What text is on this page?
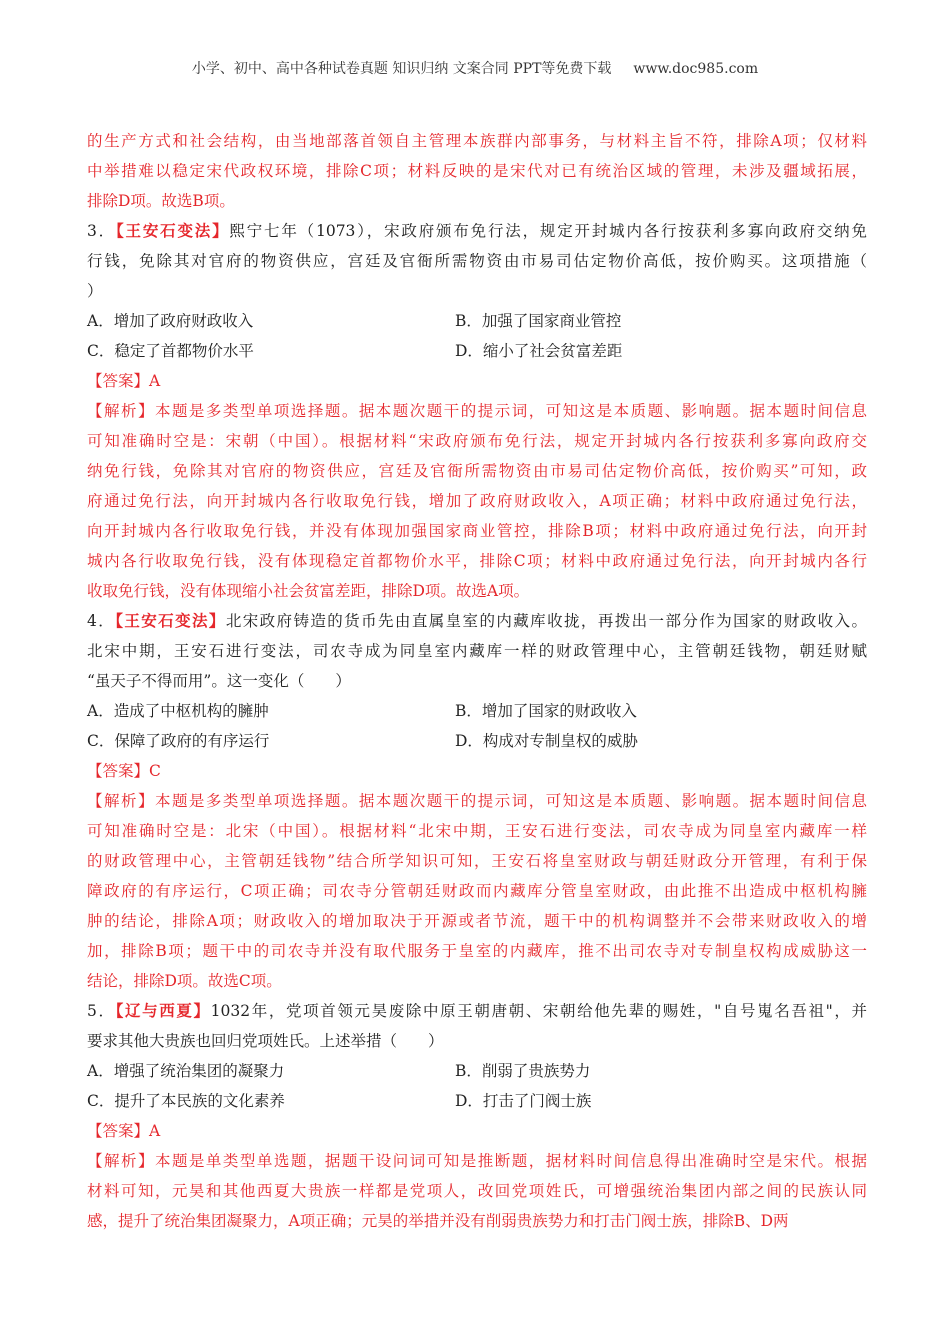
小学、初中、高中各种试卷真题 知识归纳 文案合同 PPT等免费下载 www.doc985.com
的生产方式和社会结构，由当地部落首领自主管理本族群内部事务，与材料主旨不符，排除A项；仅材料
中举措难以稳定宋代政权环境，排除C项；材料反映的是宋代对已有统治区域的管理，未涉及疆域拓展，
排除D项。故选B项。
3．【王安石变法】熙宁七年（1073），宋政府颁布免行法，规定开封城内各行按获利多寡向政府交纳免
行钱，免除其对官府的物资供应，宫廷及官衙所需物资由市易司估定物价高低，按价购买。这项措施（
）
A．增加了政府财政收入	B．加强了国家商业管控
C．稳定了首都物价水平	D．缩小了社会贫富差距
【答案】A
【解析】本题是多类型单项选择题。据本题次题干的提示词，可知这是本质题、影响题。据本题时间信息
可知准确时空是：宋朝（中国）。根据材料“宋政府颁布免行法，规定开封城内各行按获利多寡向政府交
纳免行钱，免除其对官府的物资供应，宫廷及官衙所需物资由市易司估定物价高低，按价购买”可知，政
府通过免行法，向开封城内各行收取免行钱，增加了政府财政收入，A项正确；材料中政府通过免行法，
向开封城内各行收取免行钱，并没有体现加强国家商业管控，排除B项；材料中政府通过免行法，向开封
城内各行收取免行钱，没有体现稳定首都物价水平，排除C项；材料中政府通过免行法，向开封城内各行
收取免行钱，没有体现缩小社会贫富差距，排除D项。故选A项。
4．【王安石变法】北宋政府铸造的货币先由直属皇室的内藏库收拢，再拨出一部分作为国家的财政收入。
北宋中期，王安石进行变法，司农寺成为同皇室内藏库一样的财政管理中心，主管朝廷钱物，朝廷财赋
“虽天子不得而用”。这一变化（　　）
A．造成了中枢机构的臃肿	B．增加了国家的财政收入
C．保障了政府的有序运行	D．构成对专制皇权的威胁
【答案】C
【解析】本题是多类型单项选择题。据本题次题干的提示词，可知这是本质题、影响题。据本题时间信息
可知准确时空是：北宋（中国）。根据材料“北宋中期，王安石进行变法，司农寺成为同皇室内藏库一样
的财政管理中心，主管朝廷钱物”结合所学知识可知，王安石将皇室财政与朝廷财政分开管理，有利于保
障政府的有序运行，C项正确；司农寺分管朝廷财政而内藏库分管皇室财政，由此推不出造成中枢机构臃
肿的结论，排除A项；财政收入的增加取决于开源或者节流，题干中的机构调整并不会带来财政收入的增
加，排除B项；题干中的司农寺并没有取代服务于皇室的内藏库，推不出司农寺对专制皇权构成威胁这一
结论，排除D项。故选C项。
5．【辽与西夏】1032年，党项首领元昊废除中原王朝唐朝、宋朝给他先辈的赐姓，"自号嵬名吾祖"，并
要求其他大贵族也回归党项姓氏。上述举措（　　）
A．增强了统治集团的凝聚力	B．削弱了贵族势力
C．提升了本民族的文化素养	D．打击了门阀士族
【答案】A
【解析】本题是单类型单选题，据题干设问词可知是推断题，据材料时间信息得出准确时空是宋代。根据
材料可知，元昊和其他西夏大贵族一样都是党项人，改回党项姓氏，可增强统治集团内部之间的民族认同
感，提升了统治集团凝聚力，A项正确；元昊的举措并没有削弱贵族势力和打击门阀士族，排除B、D两
